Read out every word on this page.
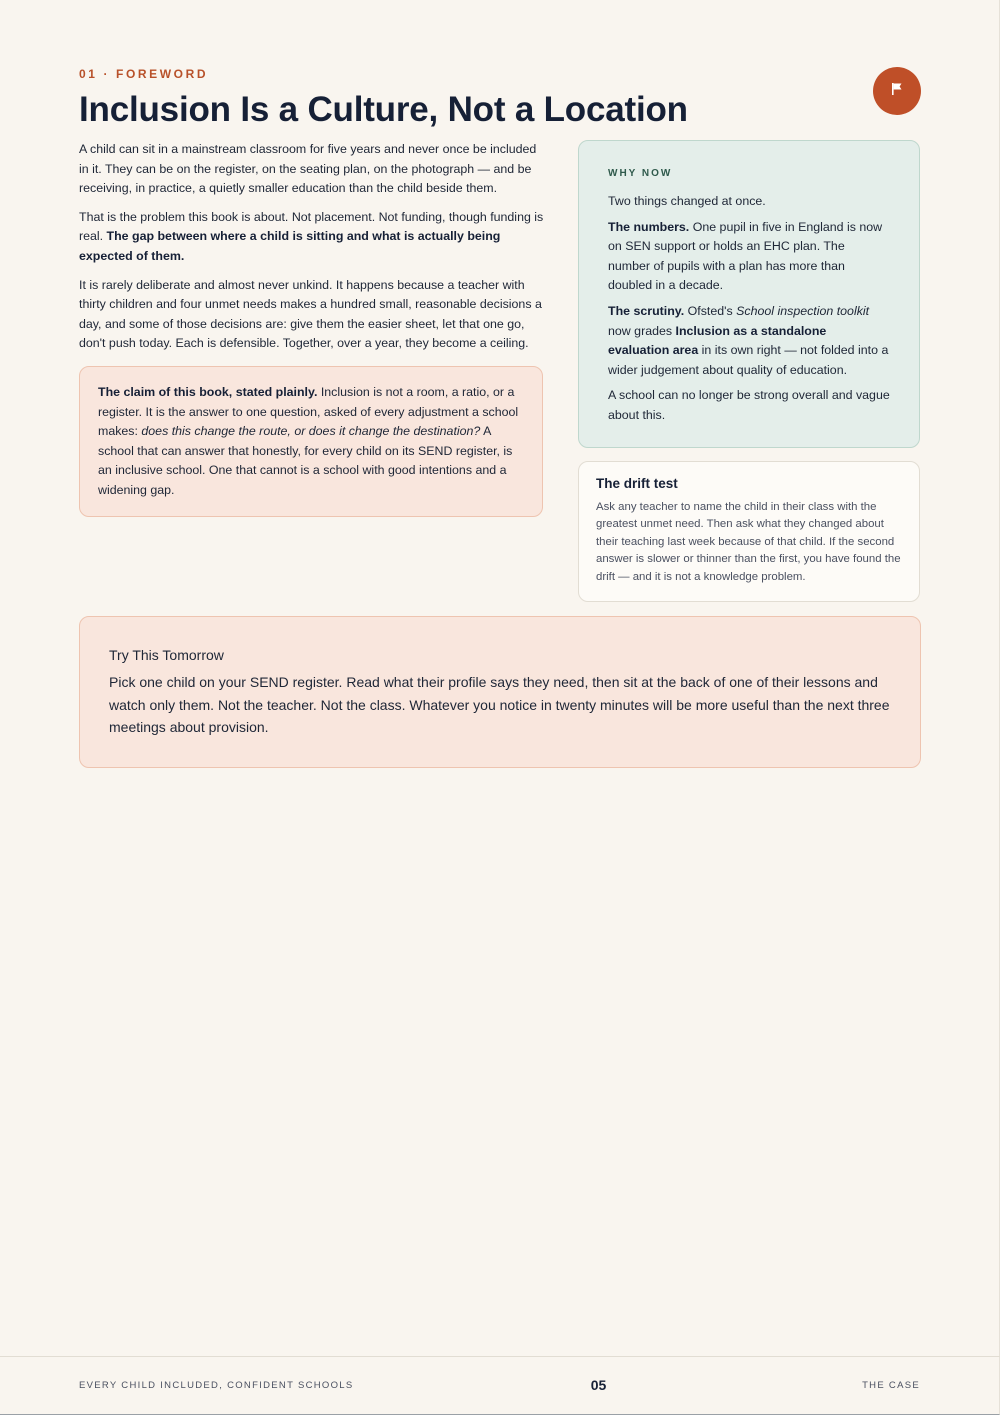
01 · FOREWORD
Inclusion Is a Culture, Not a Location

A child can sit in a mainstream classroom for five years and never once be included in it. They can be on the register, on the seating plan, on the photograph — and be receiving, in practice, a quietly smaller education than the child beside them.

That is the problem this book is about. Not placement. Not funding, though funding is real. The gap between where a child is sitting and what is actually being expected of them.

It is rarely deliberate and almost never unkind. It happens because a teacher with thirty children and four unmet needs makes a hundred small, reasonable decisions a day, and some of those decisions are: give them the easier sheet, let that one go, don't push today. Each is defensible. Together, over a year, they become a ceiling.

The claim of this book, stated plainly. Inclusion is not a room, a ratio, or a register. It is the answer to one question, asked of every adjustment a school makes: does this change the route, or does it change the destination? A school that can answer that honestly, for every child on its SEND register, is an inclusive school. One that cannot is a school with good intentions and a widening gap.
WHY NOW

Two things changed at once.

The numbers. One pupil in five in England is now on SEN support or holds an EHC plan. The number of pupils with a plan has more than doubled in a decade.

The scrutiny. Ofsted's School inspection toolkit now grades Inclusion as a standalone evaluation area in its own right — not folded into a wider judgement about quality of education.

A school can no longer be strong overall and vague about this.

The drift test

Ask any teacher to name the child in their class with the greatest unmet need. Then ask what they changed about their teaching last week because of that child. If the second answer is slower or thinner than the first, you have found the drift — and it is not a knowledge problem.

Try This Tomorrow

Pick one child on your SEND register. Read what their profile says they need, then sit at the back of one of their lessons and watch only them. Not the teacher. Not the class. Whatever you notice in twenty minutes will be more useful than the next three meetings about provision.

EVERY CHILD INCLUDED, CONFIDENT SCHOOLS	05	THE CASE
